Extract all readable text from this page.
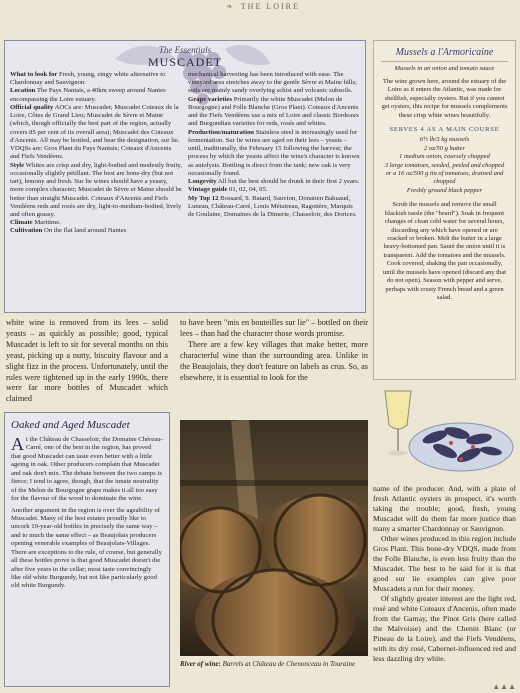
❧ THE LOIRE
The Essentials
MUSCADET

What to look for Fresh, young, zingy white alternative to Chardonnay and Sauvignon.

Location The Pays Nantais, a 40km sweep around Nantes encompassing the Loire estuary.

Official quality AOCs are: Muscadet; Muscadet Coteaux de la Loire, Côtes de Grand Lieu; Muscadet de Sèvre et Maine (which, though officially the best part of the region, actually covers 85 per cent of its overall area); Muscadet des Coteaux d'Ancenis. All may be bottled, and bear the designation, sur lie. VDQSs are: Gros Plant du Pays Nantais; Coteaux d'Ancenis and Fiefs Vendéens.

Style Whites are crisp and dry, light-bodied and modestly fruity, occasionally slightly pétillant. The best are bone-dry (but not tart), lemony and fresh. Sur lie wines should have a yeasty, more complex character; Muscadet de Sèvre et Maine should be better than straight Muscadet. Coteaux d'Ancenis and Fiefs Vendéens reds and rosés are dry, light-to-medium-bodied, lively and often grassy.

Climate Maritime.

Cultivation On the flat land around Nantes

mechanical harvesting has been introduced with ease. The vineyard area stretches away to the gentle Sèvre et Maine hills; soils are mainly sandy overlying schist and volcanic subsoils.

Grape varieties Primarily the white Muscadet (Melon de Bourgogne) and Folle Blanche (Gros Plant). Coteaux d'Ancenis and the Fiefs Vendéens use a mix of Loire and classic Bordeaux and Burgundian varieties for reds, rosés and whites.

Production/maturation Stainless steel is increasingly used for fermentation. Sur lie wines are aged on their lees – yeasts – until, traditionally, the February 15 following the harvest; the process by which the yeasts affect the wine's character is known as autolysis. Bottling is direct from the tank; new oak is very occasionally found.

Longevity All but the best should be drunk in their first 2 years.

Vintage guide 01, 02, 04, 05.

My Top 12 Bossard, S. Batard, Sauvion, Donatien Bahuaud, Luneau, Château-Carré, Louis Métaireau, Ragotière, Marquis de Goulaine, Domaines de la Dimerie, Chasseloir, des Dorices.

Mussels a l'Armoricaine
Mussels in an onion and tomato sauce
The wine grown here, around the estuary of the Loire as it enters the Atlantic, was made for shellfish, especially oysters. But if you cannot get oysters, this recipe for mussels complements these crisp white wines beautifully.
SERVES 4 AS A MAIN COURSE
6½ lb/3 kg mussels
2 oz/50 g butter
1 medium onion, coarsely chopped
3 large tomatoes, seeded, peeled and chopped or a 16 oz/500 g tin of tomatoes, drained and chopped
Freshly ground black pepper
Scrub the mussels and remove the small blackish tassle (the "beard"). Soak in frequent changes of clean cold water for several hours, discarding any which have opened or are cracked or broken. Melt the butter in a large heavy-bottomed pan. Sauté the onion until it is transparent. Add the tomatoes and the mussels. Cook covered, shaking the pan occasionally, until the mussels have opened (discard any that do not open). Season with pepper and serve, perhaps with crusty French bread and a green salad.

white wine is removed from its lees – solid yeasts – as quickly as possible; good, typical Muscadet is left to sit for several months on this yeast, picking up a nutty, biscuity flavour and a slight fizz in the process. Unfortunately, until the rules were tightened up in the early 1990s, there were far more bottles of Muscadet which claimed

to have been "mis en bouteilles sur lie" – bottled on their lees – than had the character those words promise.

There are a few key villages that make better, more characterful wine than the surrounding area. Unlike in the Beaujolais, they don't feature on labels as crus. So, as elsewhere, it is essential to look for the

Oaked and Aged Muscadet

At the Château de Chasseloir, the Domaine Chéreau-Carré, one of the best in the region, has proved that good Muscadet can taste even better with a little ageing in oak. Other producers complain that Muscadet and oak don't mix. The debate between the two camps is fierce; I tend to agree, though, that the innate neutrality of the Melon de Bourgogne grape makes it all too easy for the flavour of the wood to dominate the wine.

Another argument in the region is over the ageability of Muscadet. Many of the best estates proudly like to uncork 10-year-old bottles in precisely the same way – and to much the same effect – as Beaujolais producers opening venerable examples of Beaujolais-Villages. There are exceptions to the rule, of course, but generally all these bottles prove is that good Muscadet doesn't die after five years in the cellar; most taste convincingly like old white Burgundy, but not like particularly good old white Burgundy.

River of wine: Barrels at Château de Chenonceau in Touraine

name of the producer. And, with a plate of fresh Atlantic oysters in prospect, it's worth taking the trouble; good, fresh, young Muscadet will do them far more justice than many a smarter Chardonnay or Sauvignon.

Other wines produced in this region include Gros Plant. This bone-dry VDQS, made from the Folle Blanche, is even less fruity than the Muscadet. The best to be said for it is that good sur lie examples can give poor Muscadets a run for their money.

Of slightly greater interest are the light red, rosé and white Coteaux d'Ancenis, often made from the Gamay, the Pinot Gris (here called the Malvoisie) and the Chenin Blanc (or Pineau de la Loire), and the Fiefs Vendéens, with its dry rosé, Cabernet-influenced red and less dazzling dry white.

▲▲▲
